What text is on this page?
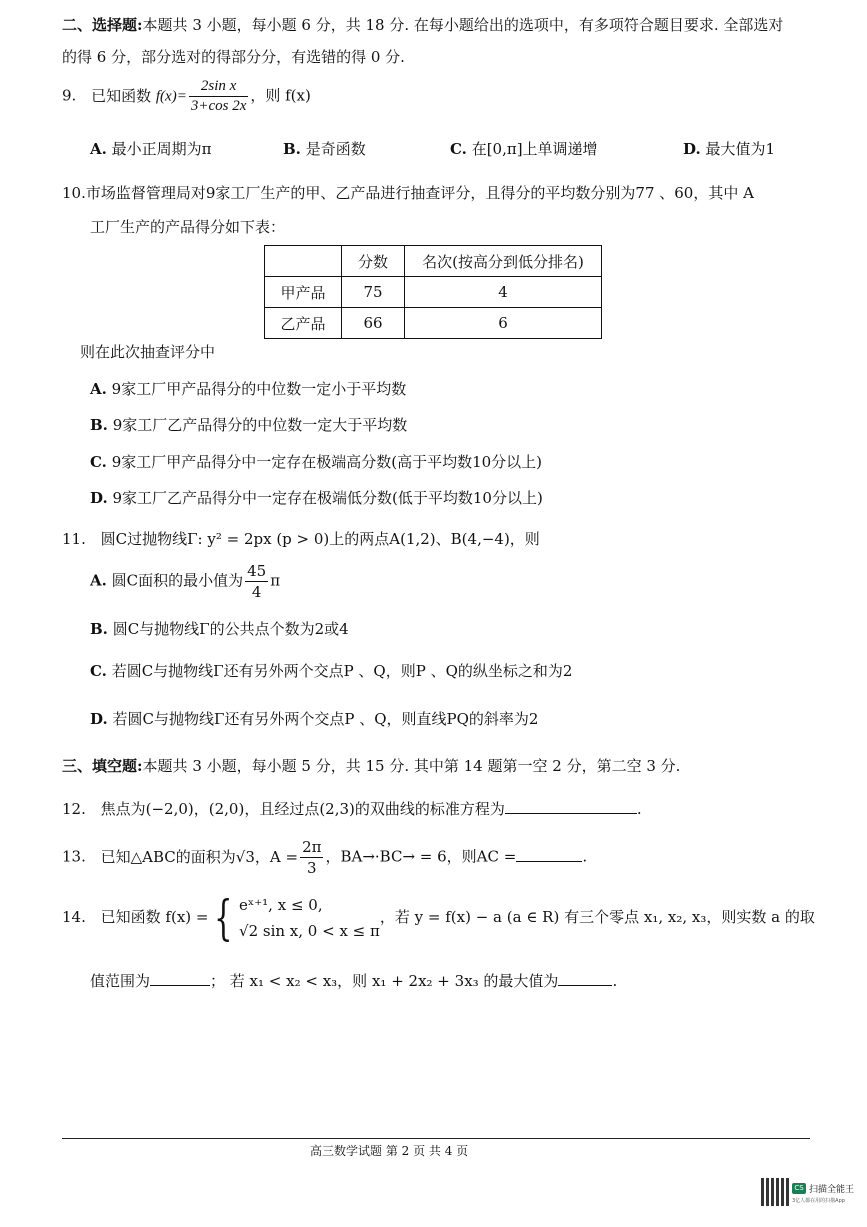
二、选择题:本题共 3 小题，每小题 6 分，共 18 分. 在每小题给出的选项中，有多项符合题目要求. 全部选对
的得 6 分，部分选对的得部分分，有选错的得 0 分.
9. 已知函数 $f(x)= \frac{\text{2sin x}}{3+\cos 2x}$ ，则 f(x)
A. 最小正周期为π	B. 是奇函数	C. 在[0,π]上单调递增	D. 最大值为1
10.市场监督管理局对9家工厂生产的甲、乙产品进行抽查评分，且得分的平均数分别为77 、60，其中 A
工厂生产的产品得分如下表：
	分数	名次(按高分到低分排名)
甲产品	75	4
乙产品	66	6
则在此次抽查评分中
A. 9家工厂甲产品得分的中位数一定小于平均数
B. 9家工厂乙产品得分的中位数一定大于平均数
C. 9家工厂甲产品得分中一定存在极端高分数(高于平均数10分以上)
D. 9家工厂乙产品得分中一定存在极端低分数(低于平均数10分以上)
11. 圆C过抛物线Γ: y² = 2px (p > 0)上的两点A(1,2)、B(4,−4)，则
A. 圆C面积的最小值为 $\frac{45}{4}$ π
B. 圆C与抛物线Γ的公共点个数为2或4
C. 若圆C与抛物线Γ还有另外两个交点P 、Q，则P 、Q的纵坐标之和为2
D. 若圆C与抛物线Γ还有另外两个交点P 、Q，则直线PQ的斜率为2
三、填空题:本题共 3 小题，每小题 5 分，共 15 分. 其中第 14 题第一空 2 分，第二空 3 分.
12. 焦点为(−2,0)，(2,0)，且经过点(2,3)的双曲线的标准方程为	.
13. 已知△ABC的面积为√3，$A = \frac{2\pi}{3}$ ，BA→·BC→ = 6，则AC =	.
14. 已知函数 f(x) = { eˣ⁺¹, x ≤ 0,
√2 sin x, 0 < x ≤ π
，若 y = f(x) − a (a ∈ R) 有三个零点 x₁, x₂, x₃，则实数 a 的取
值范围为	； 若 x₁ < x₂ < x₃，则 x₁ + 2x₂ + 3x₃ 的最大值为	.
高三数学试题 第 2 页 共 4 页
CS 扫描全能王
3亿人都在用的扫描App
